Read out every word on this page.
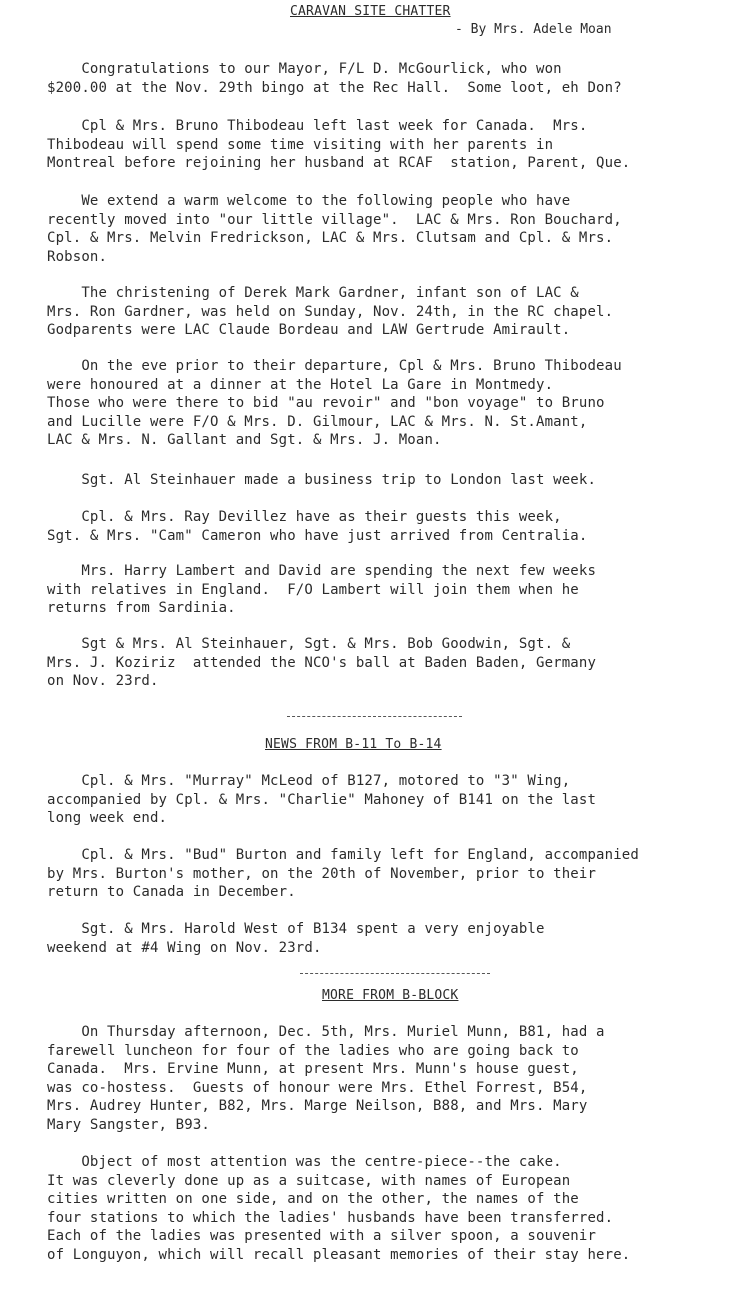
CARAVAN SITE CHATTER
- By Mrs. Adele Moan
Congratulations to our Mayor, F/L D. McGourlick, who won
$200.00 at the Nov. 29th bingo at the Rec Hall.  Some loot, eh Don?
Cpl & Mrs. Bruno Thibodeau left last week for Canada.  Mrs.
Thibodeau will spend some time visiting with her parents in
Montreal before rejoining her husband at RCAF  station, Parent, Que.
We extend a warm welcome to the following people who have
recently moved into "our little village".  LAC & Mrs. Ron Bouchard,
Cpl. & Mrs. Melvin Fredrickson, LAC & Mrs. Clutsam and Cpl. & Mrs.
Robson.
The christening of Derek Mark Gardner, infant son of LAC &
Mrs. Ron Gardner, was held on Sunday, Nov. 24th, in the RC chapel.
Godparents were LAC Claude Bordeau and LAW Gertrude Amirault.
On the eve prior to their departure, Cpl & Mrs. Bruno Thibodeau
were honoured at a dinner at the Hotel La Gare in Montmedy.
Those who were there to bid "au revoir" and "bon voyage" to Bruno
and Lucille were F/O & Mrs. D. Gilmour, LAC & Mrs. N. St.Amant,
LAC & Mrs. N. Gallant and Sgt. & Mrs. J. Moan.
Sgt. Al Steinhauer made a business trip to London last week.
Cpl. & Mrs. Ray Devillez have as their guests this week,
Sgt. & Mrs. "Cam" Cameron who have just arrived from Centralia.
Mrs. Harry Lambert and David are spending the next few weeks
with relatives in England.  F/O Lambert will join them when he
returns from Sardinia.
Sgt & Mrs. Al Steinhauer, Sgt. & Mrs. Bob Goodwin, Sgt. &
Mrs. J. Koziriz  attended the NCO's ball at Baden Baden, Germany
on Nov. 23rd.
NEWS FROM B-11 To B-14
Cpl. & Mrs. "Murray" McLeod of B127, motored to "3" Wing,
accompanied by Cpl. & Mrs. "Charlie" Mahoney of B141 on the last
long week end.
Cpl. & Mrs. "Bud" Burton and family left for England, accompanied
by Mrs. Burton's mother, on the 20th of November, prior to their
return to Canada in December.
Sgt. & Mrs. Harold West of B134 spent a very enjoyable
weekend at #4 Wing on Nov. 23rd.
MORE FROM B-BLOCK
On Thursday afternoon, Dec. 5th, Mrs. Muriel Munn, B81, had a
farewell luncheon for four of the ladies who are going back to
Canada.  Mrs. Ervine Munn, at present Mrs. Munn's house guest,
was co-hostess.  Guests of honour were Mrs. Ethel Forrest, B54,
Mrs. Audrey Hunter, B82, Mrs. Marge Neilson, B88, and Mrs. Mary
Mary Sangster, B93.
Object of most attention was the centre-piece--the cake.
It was cleverly done up as a suitcase, with names of European
cities written on one side, and on the other, the names of the
four stations to which the ladies' husbands have been transferred.
Each of the ladies was presented with a silver spoon, a souvenir
of Longuyon, which will recall pleasant memories of their stay here.
